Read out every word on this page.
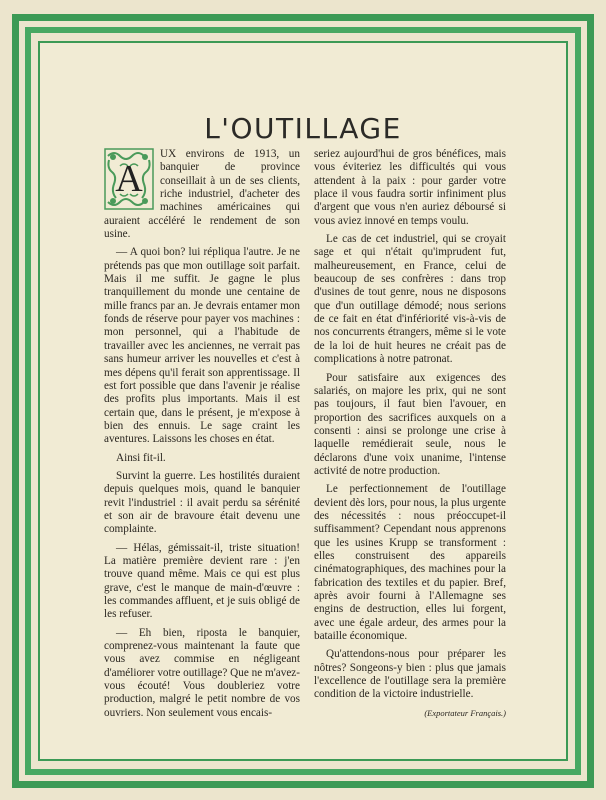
L'OUTILLAGE
A

UX environs de 1913, un banquier de province conseillait à un de ses clients, riche industriel, d'acheter des machines américaines qui auraient accéléré le rendement de son usine.

— A quoi bon? lui répliqua l'autre. Je ne prétends pas que mon outillage soit parfait. Mais il me suffit. Je gagne le plus tranquillement du monde une centaine de mille francs par an. Je devrais entamer mon fonds de réserve pour payer vos machines : mon personnel, qui a l'habitude de travailler avec les anciennes, ne verrait pas sans humeur arriver les nouvelles et c'est à mes dépens qu'il ferait son apprentissage. Il est fort possible que dans l'avenir je réalise des profits plus importants. Mais il est certain que, dans le présent, je m'expose à bien des ennuis. Le sage craint les aventures. Laissons les choses en état.

Ainsi fit-il.

Survint la guerre. Les hostilités duraient depuis quelques mois, quand le banquier revit l'industriel : il avait perdu sa sérénité et son air de bravoure était devenu une complainte.

— Hélas, gémissait-il, triste situation! La matière première devient rare : j'en trouve quand même. Mais ce qui est plus grave, c'est le manque de main-d'œuvre : les commandes affluent, et je suis obligé de les refuser.

— Eh bien, riposta le banquier, comprenez-vous maintenant la faute que vous avez commise en négligeant d'améliorer votre outillage? Que ne m'avez-vous écouté! Vous doubleriez votre production, malgré le petit nombre de vos ouvriers. Non seulement vous encais-

seriez aujourd'hui de gros bénéfices, mais vous éviteriez les difficultés qui vous attendent à la paix : pour garder votre place il vous faudra sortir infiniment plus d'argent que vous n'en auriez déboursé si vous aviez innové en temps voulu.

Le cas de cet industriel, qui se croyait sage et qui n'était qu'imprudent fut, malheureusement, en France, celui de beaucoup de ses confrères : dans trop d'usines de tout genre, nous ne disposons que d'un outillage démodé; nous serions de ce fait en état d'infériorité vis-à-vis de nos concurrents étrangers, même si le vote de la loi de huit heures ne créait pas de complications à notre patronat.

Pour satisfaire aux exigences des salariés, on majore les prix, qui ne sont pas toujours, il faut bien l'avouer, en proportion des sacrifices auxquels on a consenti : ainsi se prolonge une crise à laquelle remédierait seule, nous le déclarons d'une voix unanime, l'intense activité de notre production.

Le perfectionnement de l'outillage devient dès lors, pour nous, la plus urgente des nécessités : nous préoccupet-il suffisamment? Cependant nous apprenons que les usines Krupp se transforment : elles construisent des appareils cinématographiques, des machines pour la fabrication des textiles et du papier. Bref, après avoir fourni à l'Allemagne ses engins de destruction, elles lui forgent, avec une égale ardeur, des armes pour la bataille économique.

Qu'attendons-nous pour préparer les nôtres? Songeons-y bien : plus que jamais l'excellence de l'outillage sera la première condition de la victoire industrielle.

(Exportateur Français.)
